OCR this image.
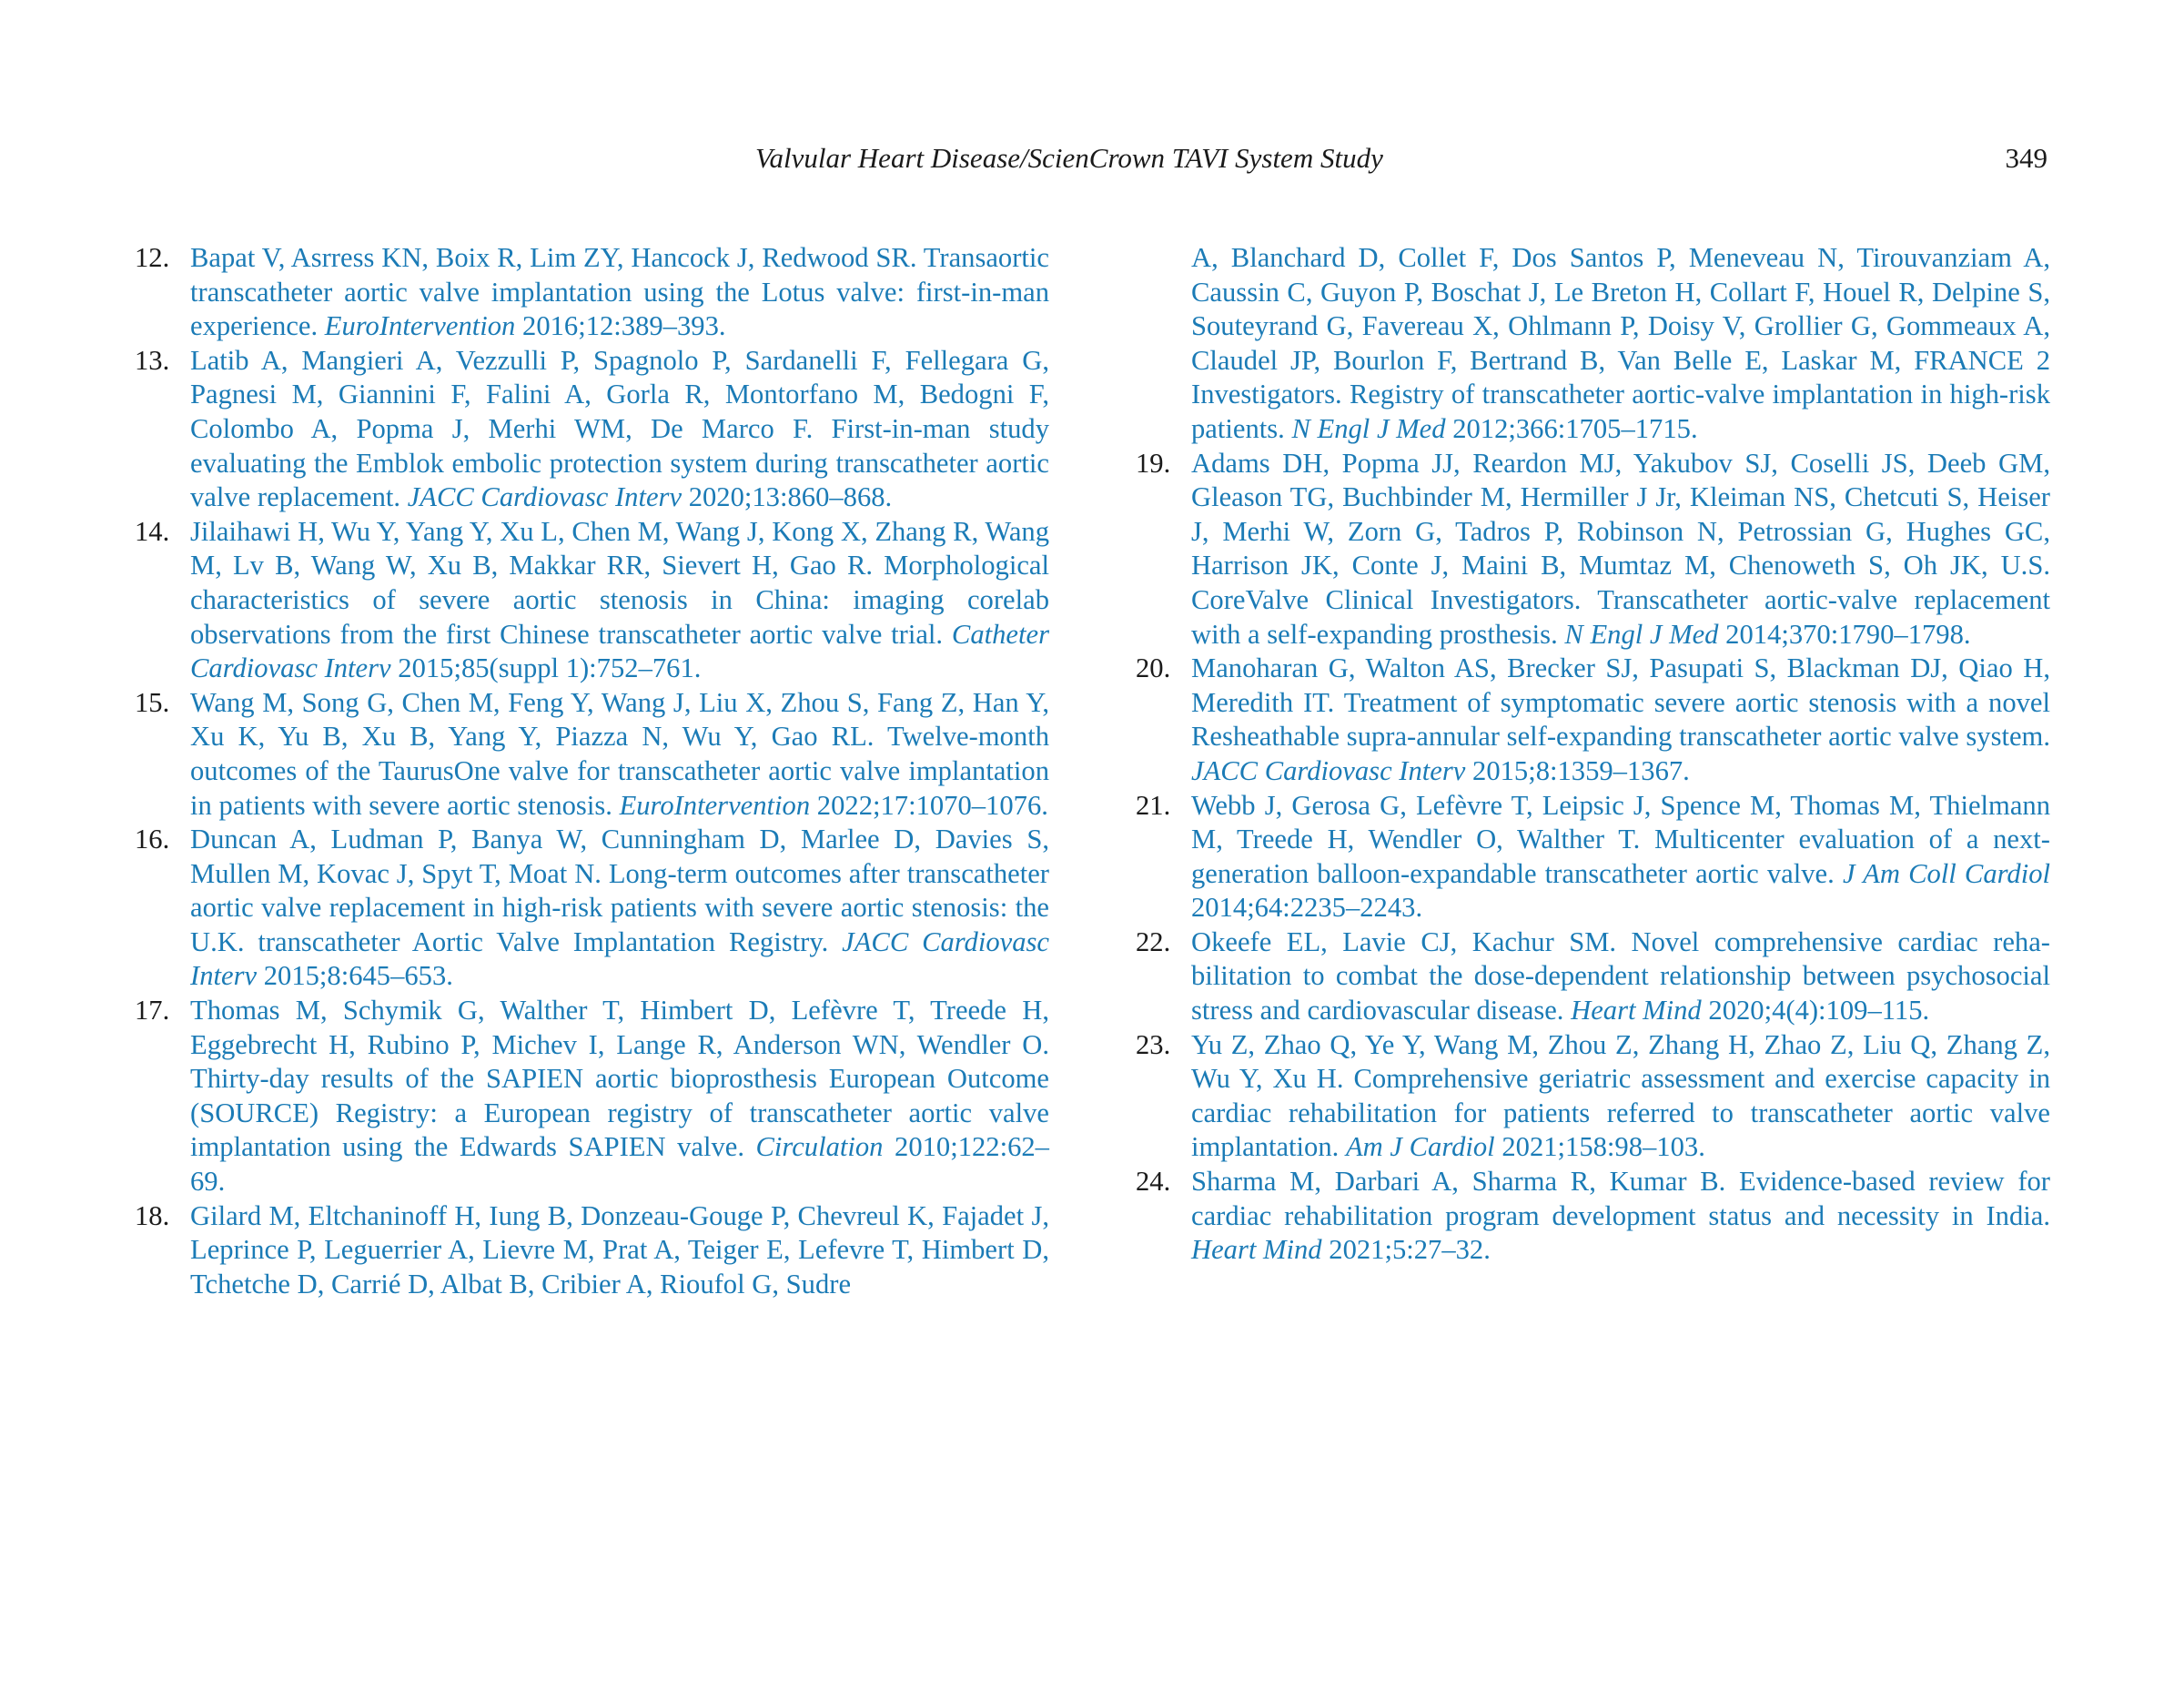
Valvular Heart Disease/ScienCrown TAVI System Study	349
12. Bapat V, Asrress KN, Boix R, Lim ZY, Hancock J, Redwood SR. Transaortic transcatheter aortic valve implantation using the Lotus valve: first-in-man experience. EuroIntervention 2016;12:389–393.
13. Latib A, Mangieri A, Vezzulli P, Spagnolo P, Sardanelli F, Fellegara G, Pagnesi M, Giannini F, Falini A, Gorla R, Montorfano M, Bedogni F, Colombo A, Popma J, Merhi WM, De Marco F. First-in-man study evaluating the Emblok embolic protection system during transcatheter aortic valve replacement. JACC Cardiovasc Interv 2020;13:860–868.
14. Jilaihawi H, Wu Y, Yang Y, Xu L, Chen M, Wang J, Kong X, Zhang R, Wang M, Lv B, Wang W, Xu B, Makkar RR, Sievert H, Gao R. Morphological characteristics of severe aortic stenosis in China: imaging corelab observations from the first Chinese transcatheter aortic valve trial. Catheter Cardiovasc Interv 2015;85(suppl 1):752–761.
15. Wang M, Song G, Chen M, Feng Y, Wang J, Liu X, Zhou S, Fang Z, Han Y, Xu K, Yu B, Xu B, Yang Y, Piazza N, Wu Y, Gao RL. Twelve-month outcomes of the TaurusOne valve for transcatheter aortic valve implantation in patients with severe aortic stenosis. EuroIntervention 2022;17:1070–1076.
16. Duncan A, Ludman P, Banya W, Cunningham D, Marlee D, Davies S, Mullen M, Kovac J, Spyt T, Moat N. Long-term outcomes after transcatheter aortic valve replacement in high-risk patients with severe aortic stenosis: the U.K. transcatheter Aortic Valve Implantation Registry. JACC Cardiovasc Interv 2015;8:645–653.
17. Thomas M, Schymik G, Walther T, Himbert D, Lefèvre T, Treede H, Eggebrecht H, Rubino P, Michev I, Lange R, Anderson WN, Wendler O. Thirty-day results of the SAPIEN aortic bioprosthesis European Outcome (SOURCE) Registry: a European registry of transcatheter aortic valve implantation using the Edwards SAPIEN valve. Circulation 2010;122:62–69.
18. Gilard M, Eltchaninoff H, Iung B, Donzeau-Gouge P, Chevreul K, Fajadet J, Leprince P, Leguerrier A, Lievre M, Prat A, Teiger E, Lefevre T, Himbert D, Tchetche D, Carrié D, Albat B, Cribier A, Rioufol G, Sudre
A, Blanchard D, Collet F, Dos Santos P, Meneveau N, Tirouvanziam A, Caussin C, Guyon P, Boschat J, Le Breton H, Collart F, Houel R, Delpine S, Souteyrand G, Favereau X, Ohlmann P, Doisy V, Grollier G, Gommeaux A, Claudel JP, Bourlon F, Bertrand B, Van Belle E, Laskar M, FRANCE 2 Investigators. Registry of transcatheter aortic-valve implantation in high-risk patients. N Engl J Med 2012;366:1705–1715.
19. Adams DH, Popma JJ, Reardon MJ, Yakubov SJ, Coselli JS, Deeb GM, Gleason TG, Buchbinder M, Hermiller J Jr, Kleiman NS, Chetcuti S, Heiser J, Merhi W, Zorn G, Tadros P, Robinson N, Petrossian G, Hughes GC, Harrison JK, Conte J, Maini B, Mumtaz M, Chenoweth S, Oh JK, U.S. CoreValve Clinical Investigators. Transcatheter aortic-valve replacement with a self-expanding prosthesis. N Engl J Med 2014;370:1790–1798.
20. Manoharan G, Walton AS, Brecker SJ, Pasupati S, Blackman DJ, Qiao H, Meredith IT. Treatment of symptomatic severe aortic stenosis with a novel Resheathable supra-annular self-expanding transcatheter aortic valve system. JACC Cardiovasc Interv 2015;8:1359–1367.
21. Webb J, Gerosa G, Lefèvre T, Leipsic J, Spence M, Thomas M, Thielmann M, Treede H, Wendler O, Walther T. Multicenter evaluation of a next-generation balloon-expandable transcatheter aortic valve. J Am Coll Cardiol 2014;64:2235–2243.
22. Okeefe EL, Lavie CJ, Kachur SM. Novel comprehensive cardiac rehabilitation to combat the dose-dependent relationship between psychosocial stress and cardiovascular disease. Heart Mind 2020;4(4):109–115.
23. Yu Z, Zhao Q, Ye Y, Wang M, Zhou Z, Zhang H, Zhao Z, Liu Q, Zhang Z, Wu Y, Xu H. Comprehensive geriatric assessment and exercise capacity in cardiac rehabilitation for patients referred to transcatheter aortic valve implantation. Am J Cardiol 2021;158:98–103.
24. Sharma M, Darbari A, Sharma R, Kumar B. Evidence-based review for cardiac rehabilitation program development status and necessity in India. Heart Mind 2021;5:27–32.
